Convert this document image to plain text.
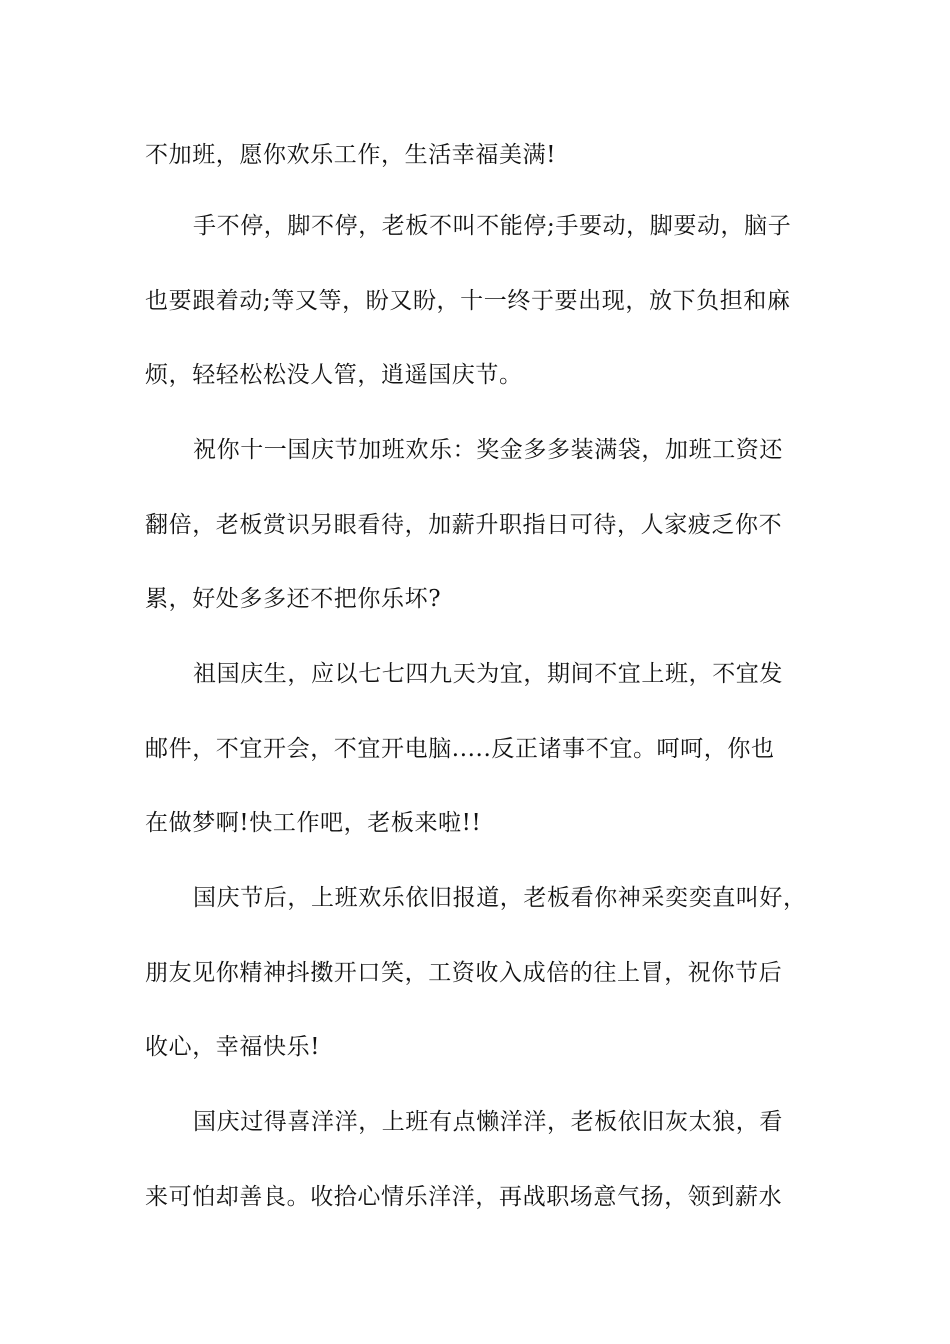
不加班，愿你欢乐工作，生活幸福美满!
手不停，脚不停，老板不叫不能停;手要动，脚要动，脑子
也要跟着动;等又等，盼又盼，十一终于要出现，放下负担和麻
烦，轻轻松松没人管，逍遥国庆节。
祝你十一国庆节加班欢乐：奖金多多装满袋，加班工资还
翻倍，老板赏识另眼看待，加薪升职指日可待，人家疲乏你不
累，好处多多还不把你乐坏?
祖国庆生，应以七七四九天为宜，期间不宜上班，不宜发
邮件，不宜开会，不宜开电脑.....反正诸事不宜。呵呵，你也
在做梦啊!快工作吧，老板来啦!!
国庆节后，上班欢乐依旧报道，老板看你神采奕奕直叫好，
朋友见你精神抖擞开口笑，工资收入成倍的往上冒，祝你节后
收心，幸福快乐!
国庆过得喜洋洋，上班有点懒洋洋，老板依旧灰太狼，看
来可怕却善良。收拾心情乐洋洋，再战职场意气扬，领到薪水
